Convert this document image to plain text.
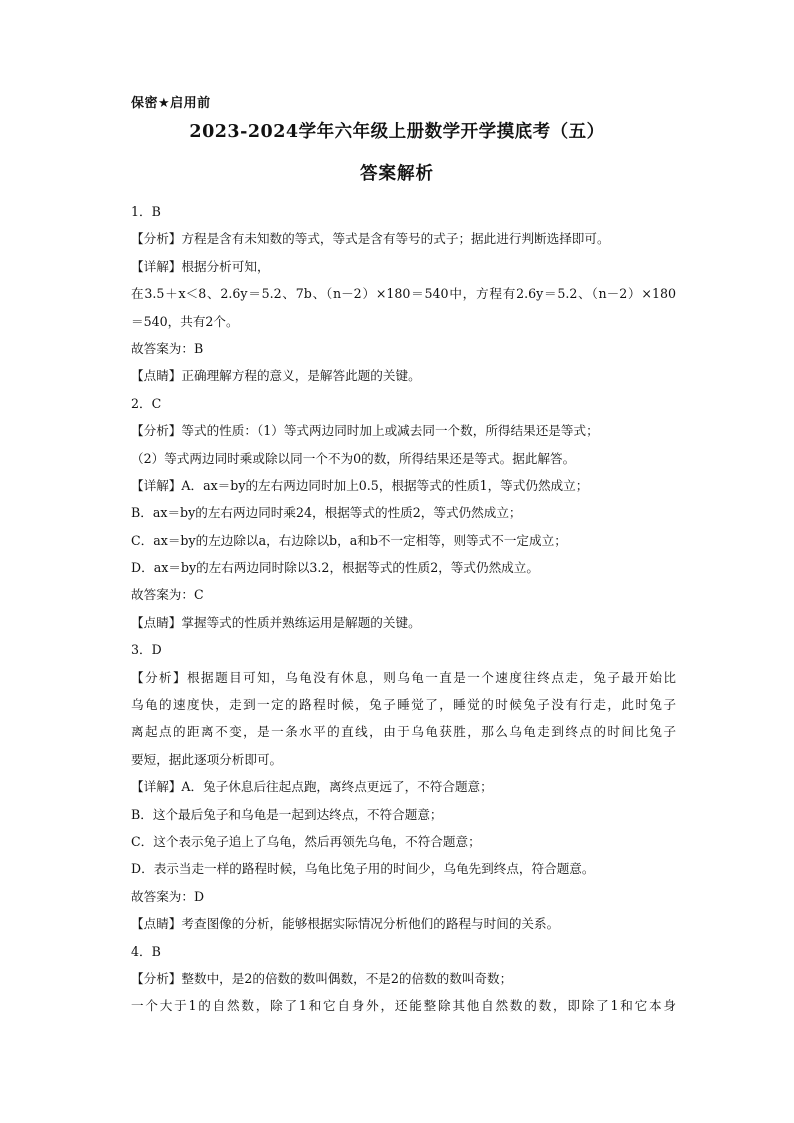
保密★启用前
2023-2024学年六年级上册数学开学摸底考（五）
答案解析
1．B
【分析】方程是含有未知数的等式，等式是含有等号的式子；据此进行判断选择即可。
【详解】根据分析可知，
在3.5＋x＜8、2.6y＝5.2、7b、（n－2）×180＝540中，方程有2.6y＝5.2、（n－2）×180
＝540，共有2个。
故答案为：B
【点睛】正确理解方程的意义，是解答此题的关键。
2．C
【分析】等式的性质：（1）等式两边同时加上或减去同一个数，所得结果还是等式；
（2）等式两边同时乘或除以同一个不为0的数，所得结果还是等式。据此解答。
【详解】A．ax＝by的左右两边同时加上0.5，根据等式的性质1，等式仍然成立；
B．ax＝by的左右两边同时乘24，根据等式的性质2，等式仍然成立；
C．ax＝by的左边除以a，右边除以b，a和b不一定相等，则等式不一定成立；
D．ax＝by的左右两边同时除以3.2，根据等式的性质2，等式仍然成立。
故答案为：C
【点睛】掌握等式的性质并熟练运用是解题的关键。
3．D
【分析】根据题目可知，乌龟没有休息，则乌龟一直是一个速度往终点走，兔子最开始比
乌龟的速度快，走到一定的路程时候，兔子睡觉了，睡觉的时候兔子没有行走，此时兔子
离起点的距离不变，是一条水平的直线，由于乌龟获胜，那么乌龟走到终点的时间比兔子
要短，据此逐项分析即可。
【详解】A．兔子休息后往起点跑，离终点更远了，不符合题意；
B．这个最后兔子和乌龟是一起到达终点，不符合题意；
C．这个表示兔子追上了乌龟，然后再领先乌龟，不符合题意；
D．表示当走一样的路程时候，乌龟比兔子用的时间少，乌龟先到终点，符合题意。
故答案为：D
【点睛】考查图像的分析，能够根据实际情况分析他们的路程与时间的关系。
4．B
【分析】整数中，是2的倍数的数叫偶数，不是2的倍数的数叫奇数；
一个大于1的自然数，除了1和它自身外，还能整除其他自然数的数，即除了1和它本身
